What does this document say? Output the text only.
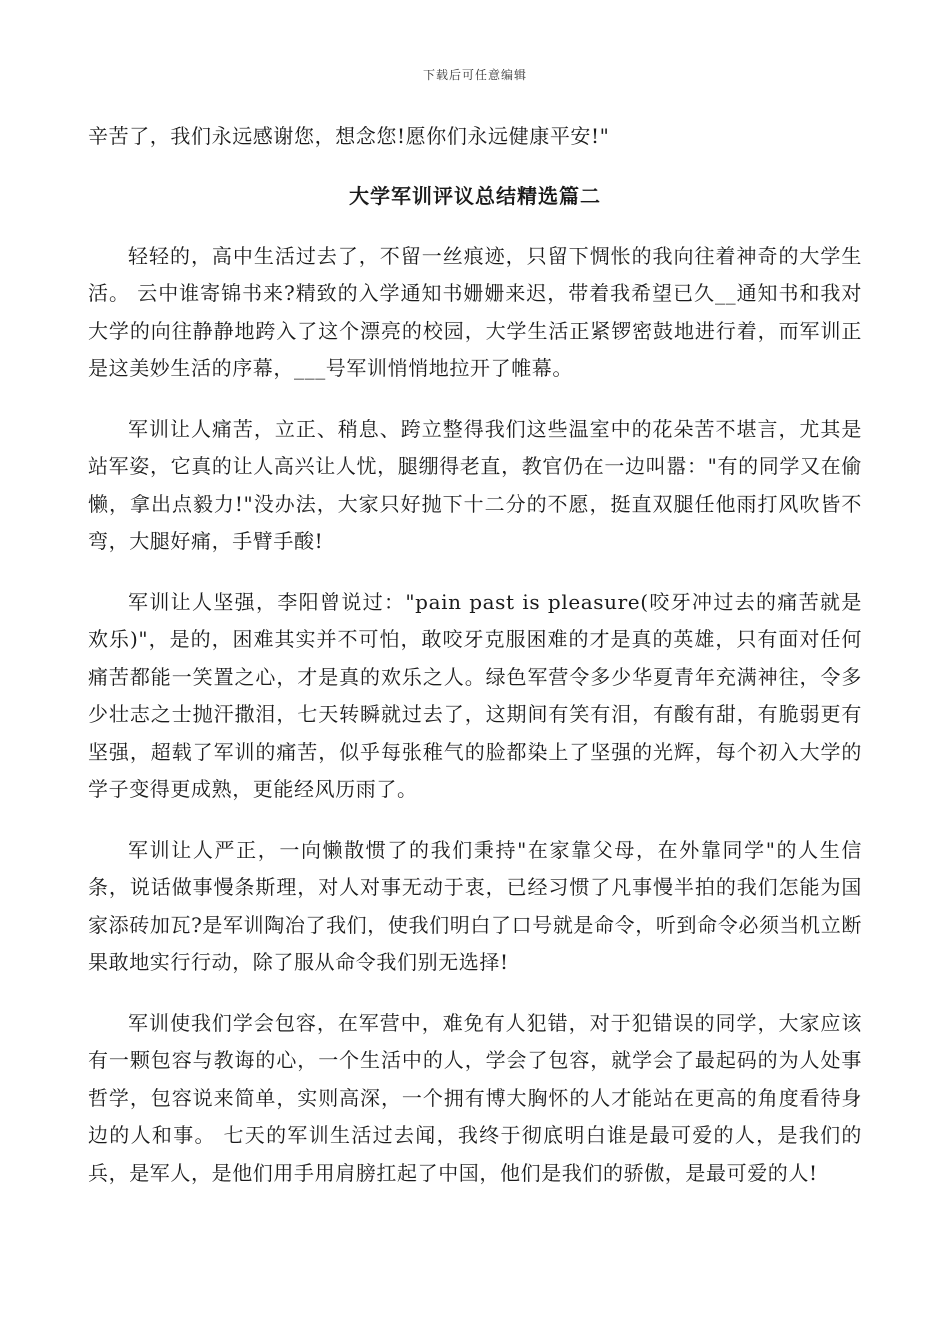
下载后可任意编辑

辛苦了，我们永远感谢您，想念您!愿你们永远健康平安!"

大学军训评议总结精选篇二

轻轻的，高中生活过去了，不留一丝痕迹，只留下惆怅的我向往着神奇的大学生活。 云中谁寄锦书来?精致的入学通知书姗姗来迟，带着我希望已久__通知书和我对大学的向往静静地跨入了这个漂亮的校园，大学生活正紧锣密鼓地进行着，而军训正是这美妙生活的序幕，___号军训悄悄地拉开了帷幕。

军训让人痛苦，立正、稍息、跨立整得我们这些温室中的花朵苦不堪言，尤其是站军姿，它真的让人高兴让人忧，腿绷得老直，教官仍在一边叫嚣："有的同学又在偷懒，拿出点毅力!"没办法，大家只好抛下十二分的不愿，挺直双腿任他雨打风吹皆不弯，大腿好痛，手臂手酸!

军训让人坚强，李阳曾说过："pain past is pleasure(咬牙冲过去的痛苦就是欢乐)"，是的，困难其实并不可怕，敢咬牙克服困难的才是真的英雄，只有面对任何痛苦都能一笑置之心，才是真的欢乐之人。绿色军营令多少华夏青年充满神往，令多少壮志之士抛汗撒泪，七天转瞬就过去了，这期间有笑有泪，有酸有甜，有脆弱更有坚强，超载了军训的痛苦，似乎每张稚气的脸都染上了坚强的光辉，每个初入大学的学子变得更成熟，更能经风历雨了。

军训让人严正，一向懒散惯了的我们秉持"在家靠父母，在外靠同学"的人生信条，说话做事慢条斯理，对人对事无动于衷，已经习惯了凡事慢半拍的我们怎能为国家添砖加瓦?是军训陶冶了我们，使我们明白了口号就是命令，听到命令必须当机立断果敢地实行行动，除了服从命令我们别无选择!

军训使我们学会包容，在军营中，难免有人犯错，对于犯错误的同学，大家应该有一颗包容与教诲的心，一个生活中的人，学会了包容，就学会了最起码的为人处事哲学，包容说来简单，实则高深，一个拥有博大胸怀的人才能站在更高的角度看待身边的人和事。 七天的军训生活过去闻，我终于彻底明白谁是最可爱的人，是我们的兵，是军人，是他们用手用肩膀扛起了中国，他们是我们的骄傲，是最可爱的人!
